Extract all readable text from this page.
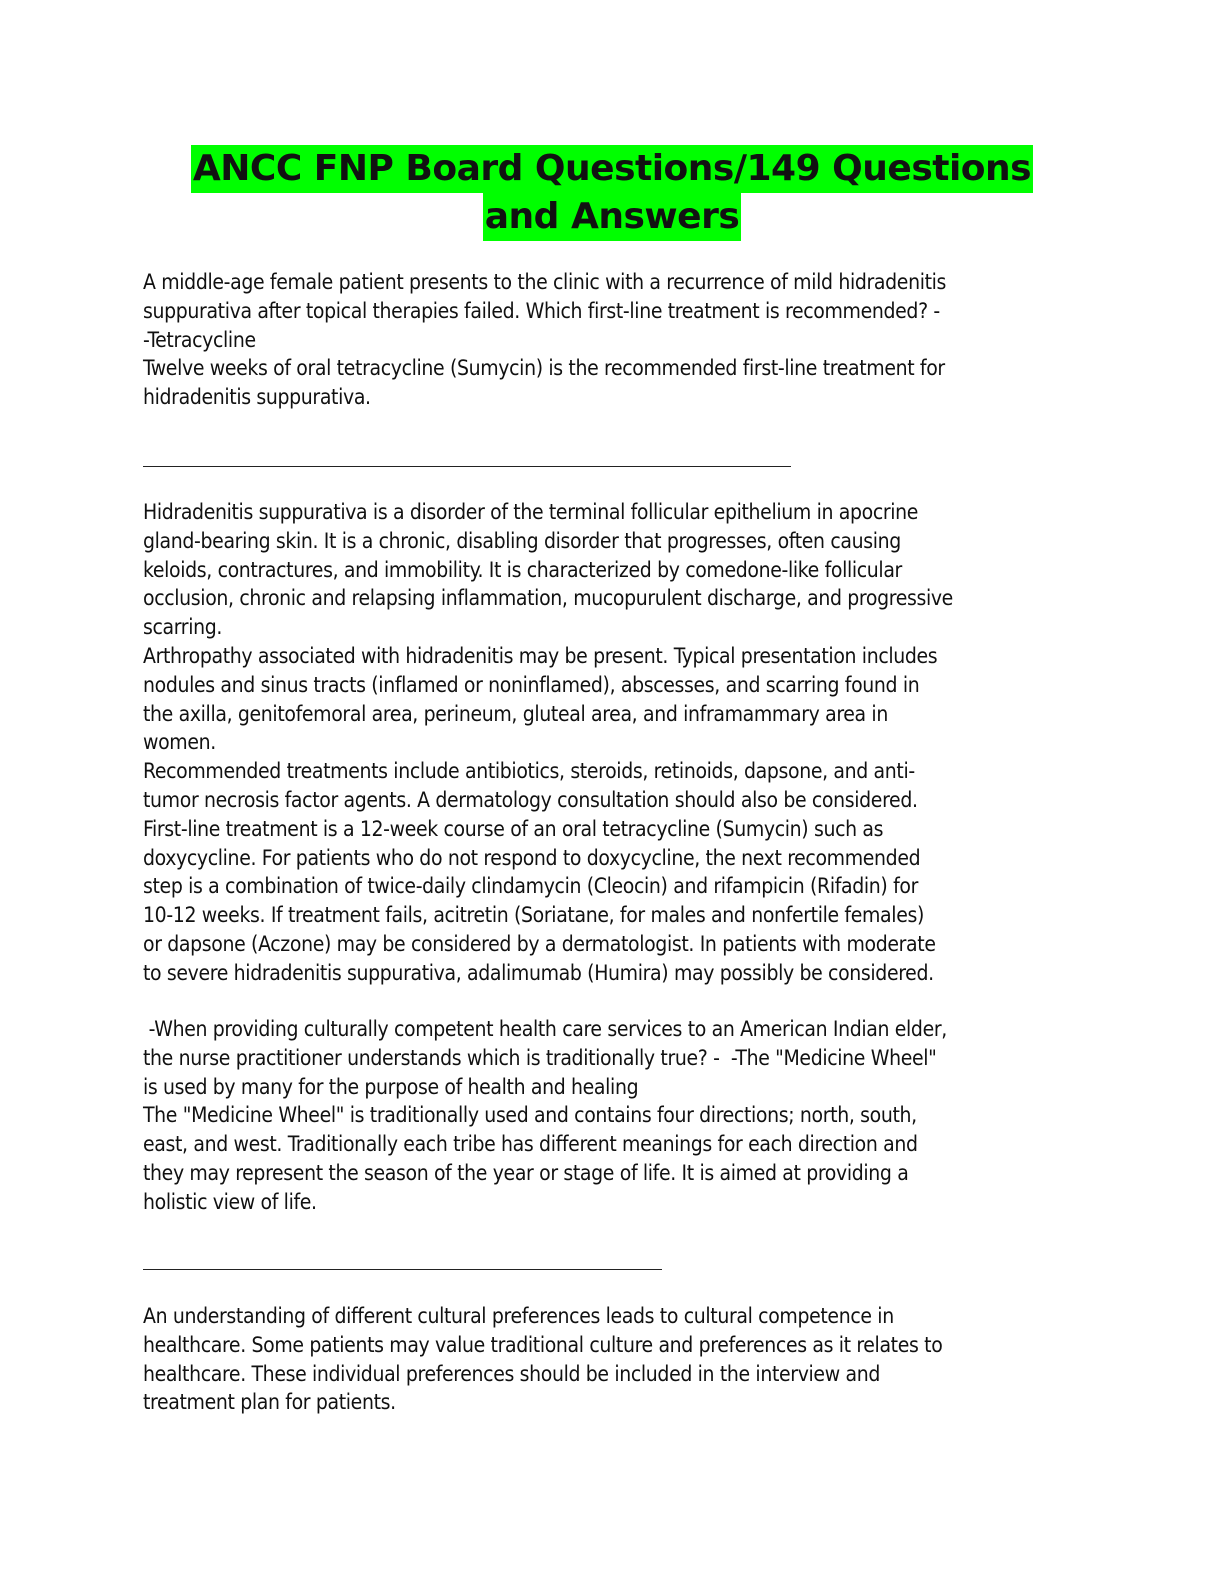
ANCC FNP Board Questions/149 Questions
and Answers

A middle-age female patient presents to the clinic with a recurrence of mild hidradenitis

suppurativa after topical therapies failed. Which first-line treatment is recommended? -

-Tetracycline

Twelve weeks of oral tetracycline (Sumycin) is the recommended first-line treatment for

hidradenitis suppurativa.

Hidradenitis suppurativa is a disorder of the terminal follicular epithelium in apocrine

gland-bearing skin. It is a chronic, disabling disorder that progresses, often causing

keloids, contractures, and immobility. It is characterized by comedone-like follicular

occlusion, chronic and relapsing inflammation, mucopurulent discharge, and progressive

scarring.

Arthropathy associated with hidradenitis may be present. Typical presentation includes

nodules and sinus tracts (inflamed or noninflamed), abscesses, and scarring found in

the axilla, genitofemoral area, perineum, gluteal area, and inframammary area in

women.

Recommended treatments include antibiotics, steroids, retinoids, dapsone, and anti-

tumor necrosis factor agents. A dermatology consultation should also be considered.

First-line treatment is a 12-week course of an oral tetracycline (Sumycin) such as

doxycycline. For patients who do not respond to doxycycline, the next recommended

step is a combination of twice-daily clindamycin (Cleocin) and rifampicin (Rifadin) for

10-12 weeks. If treatment fails, acitretin (Soriatane, for males and nonfertile females)

or dapsone (Aczone) may be considered by a dermatologist. In patients with moderate

to severe hidradenitis suppurativa, adalimumab (Humira) may possibly be considered.

-When providing culturally competent health care services to an American Indian elder,

the nurse practitioner understands which is traditionally true? -  -The "Medicine Wheel"

is used by many for the purpose of health and healing

The "Medicine Wheel" is traditionally used and contains four directions; north, south,

east, and west. Traditionally each tribe has different meanings for each direction and

they may represent the season of the year or stage of life. It is aimed at providing a

holistic view of life.

An understanding of different cultural preferences leads to cultural competence in

healthcare. Some patients may value traditional culture and preferences as it relates to

healthcare. These individual preferences should be included in the interview and

treatment plan for patients.
